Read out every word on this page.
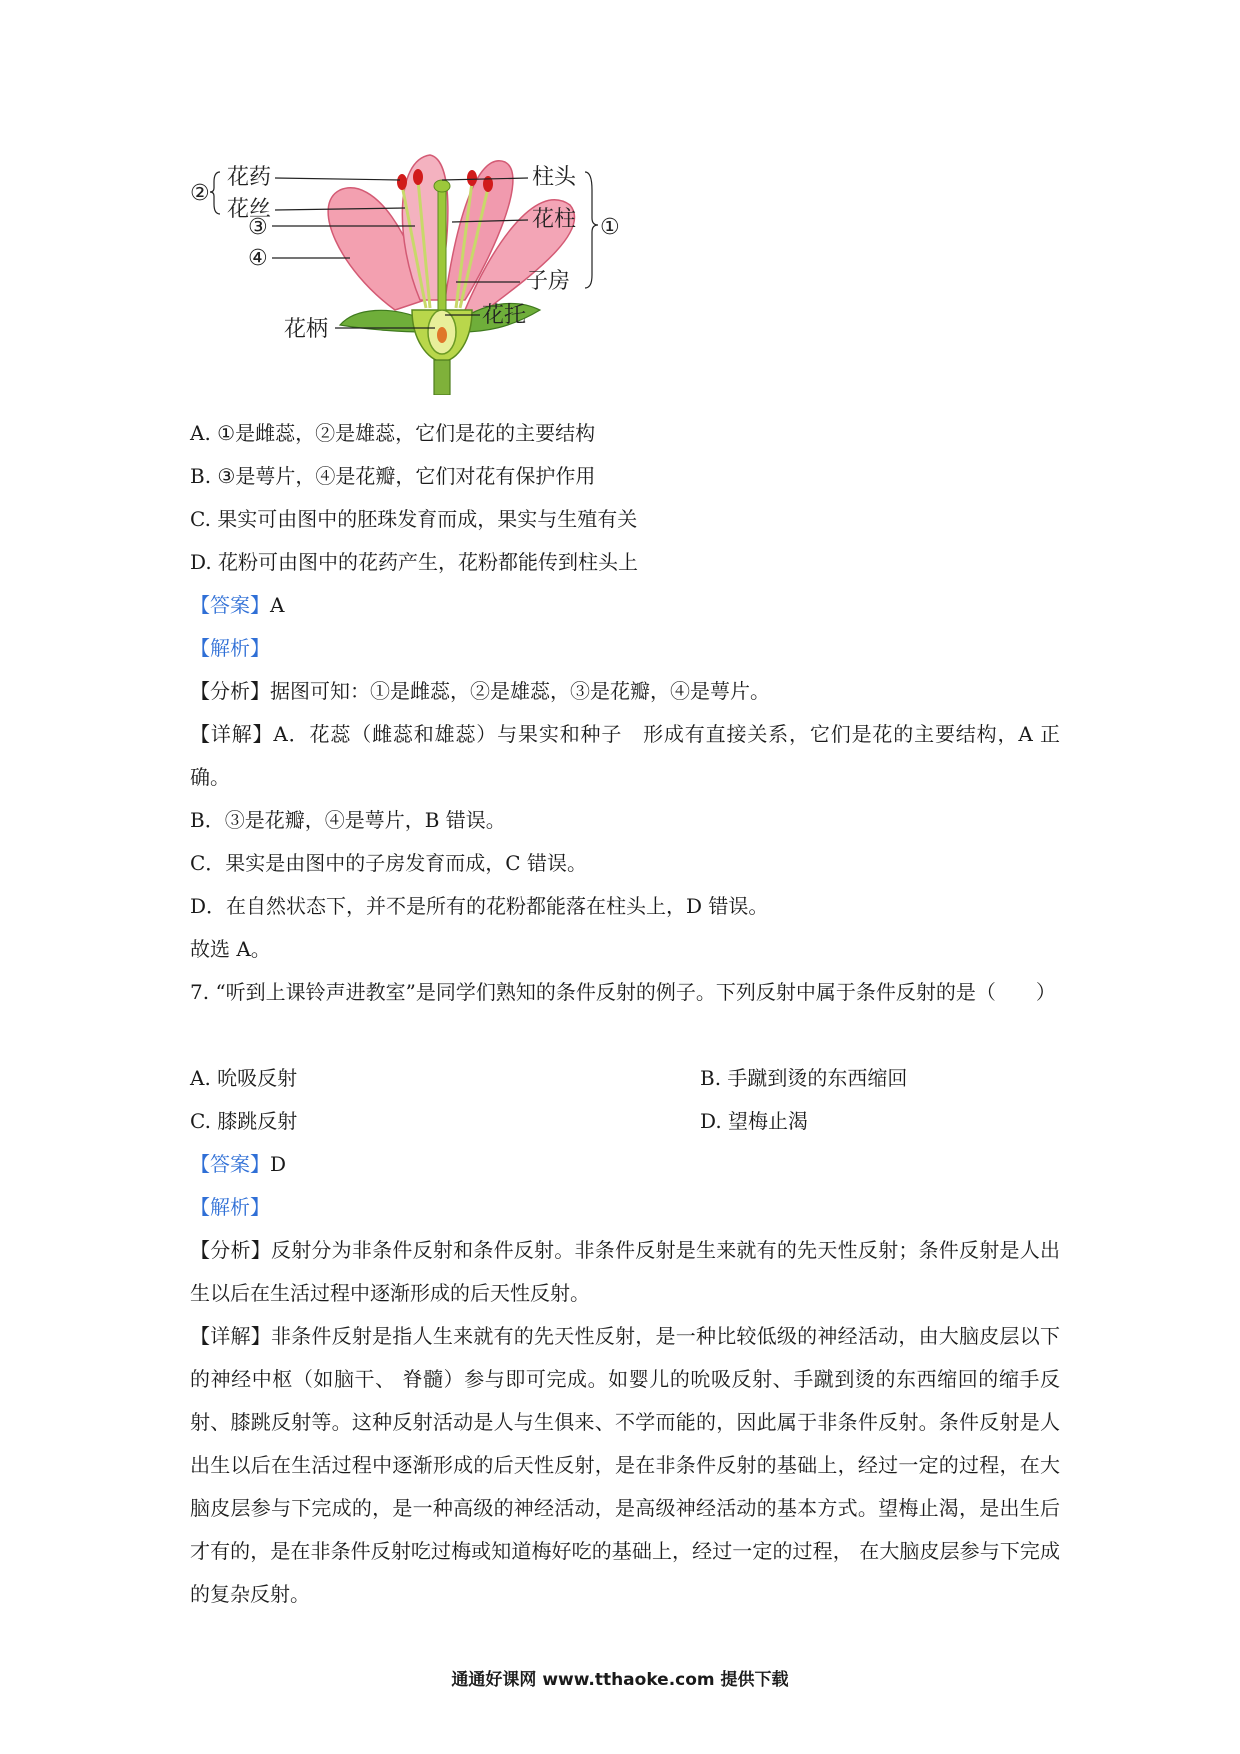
②
花药
花丝
③
④
柱头
花柱 ①
子房
花托
花柄
A. ①是雌蕊，②是雄蕊，它们是花的主要结构
B. ③是萼片，④是花瓣，它们对花有保护作用
C. 果实可由图中的胚珠发育而成，果实与生殖有关
D. 花粉可由图中的花药产生，花粉都能传到柱头上
【答案】A
【解析】
【分析】据图可知：①是雌蕊，②是雄蕊，③是花瓣，④是萼片。
【详解】A．花蕊（雌蕊和雄蕊）与果实和种子　形成有直接关系，它们是花的主要结构，A 正确。
B．③是花瓣，④是萼片，B 错误。
C．果实是由图中的子房发育而成，C 错误。
D．在自然状态下，并不是所有的花粉都能落在柱头上，D 错误。
故选 A。
7. “听到上课铃声进教室”是同学们熟知的条件反射的例子。下列反射中属于条件反射的是（　　）
A. 吮吸反射	B. 手蹴到烫的东西缩回
C. 膝跳反射	D. 望梅止渴
【答案】D
【解析】
【分析】反射分为非条件反射和条件反射。非条件反射是生来就有的先天性反射；条件反射是人出生以后在生活过程中逐渐形成的后天性反射。
【详解】非条件反射是指人生来就有的先天性反射，是一种比较低级的神经活动，由大脑皮层以下的神经中枢（如脑干、 脊髓）参与即可完成。如婴儿的吮吸反射、手蹴到烫的东西缩回的缩手反射、膝跳反射等。这种反射活动是人与生俱来、不学而能的，因此属于非条件反射。条件反射是人出生以后在生活过程中逐渐形成的后天性反射，是在非条件反射的基础上，经过一定的过程，在大脑皮层参与下完成的，是一种高级的神经活动，是高级神经活动的基本方式。望梅止渴，是出生后才有的，是在非条件反射吃过梅或知道梅好吃的基础上，经过一定的过程， 在大脑皮层参与下完成的复杂反射。
通通好课网 www.tthaoke.com 提供下载
